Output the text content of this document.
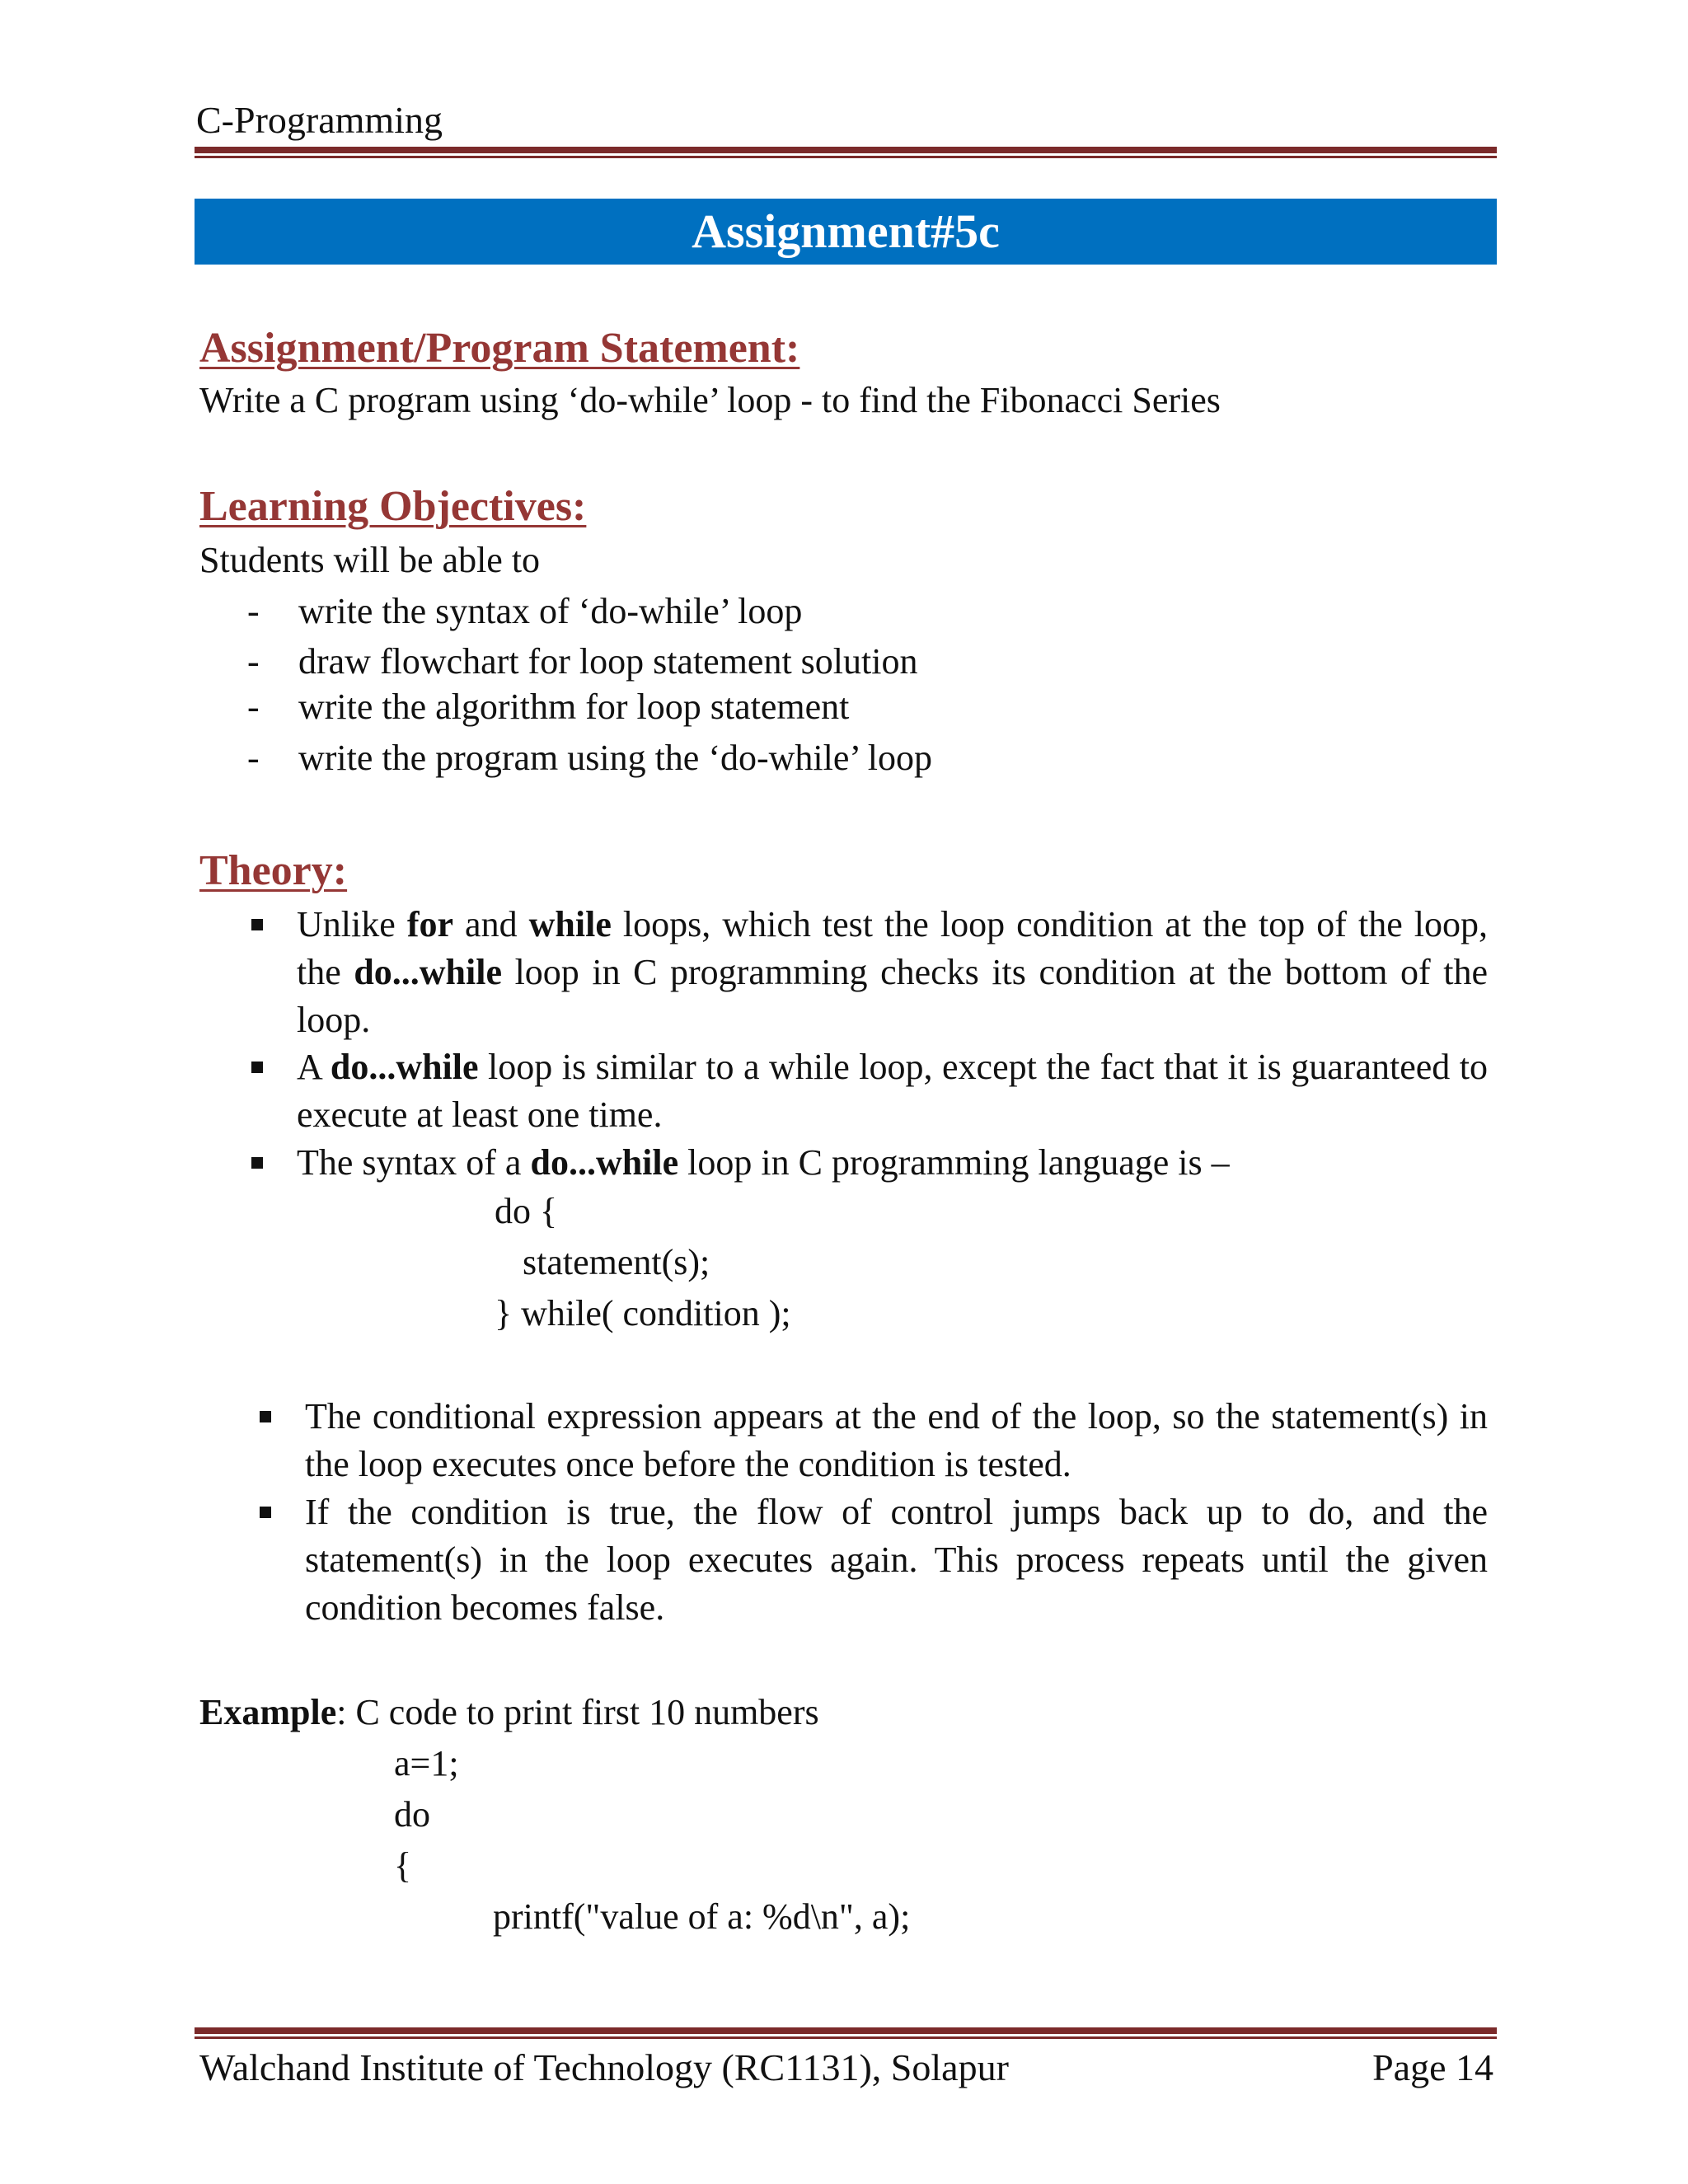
C-Programming
Assignment#5c
Assignment/Program Statement:
Write a C program using ‘do-while’ loop - to find the Fibonacci Series
Learning Objectives:
Students will be able to
- write the syntax of ‘do-while’ loop
- draw flowchart for loop statement solution
- write the algorithm for loop statement
- write the program using the ‘do-while’ loop
Theory:
Unlike for and while loops, which test the loop condition at the top of the loop, the do...while loop in C programming checks its condition at the bottom of the loop.
A do...while loop is similar to a while loop, except the fact that it is guaranteed to execute at least one time.
The syntax of a do...while loop in C programming language is –
do {
statement(s);
} while( condition );
The conditional expression appears at the end of the loop, so the statement(s) in the loop executes once before the condition is tested.
If the condition is true, the flow of control jumps back up to do, and the statement(s) in the loop executes again. This process repeats until the given condition becomes false.
Example: C code to print first 10 numbers
a=1;
do
{
printf("value of a: %d\n", a);
Walchand Institute of Technology (RC1131), Solapur	Page 14
